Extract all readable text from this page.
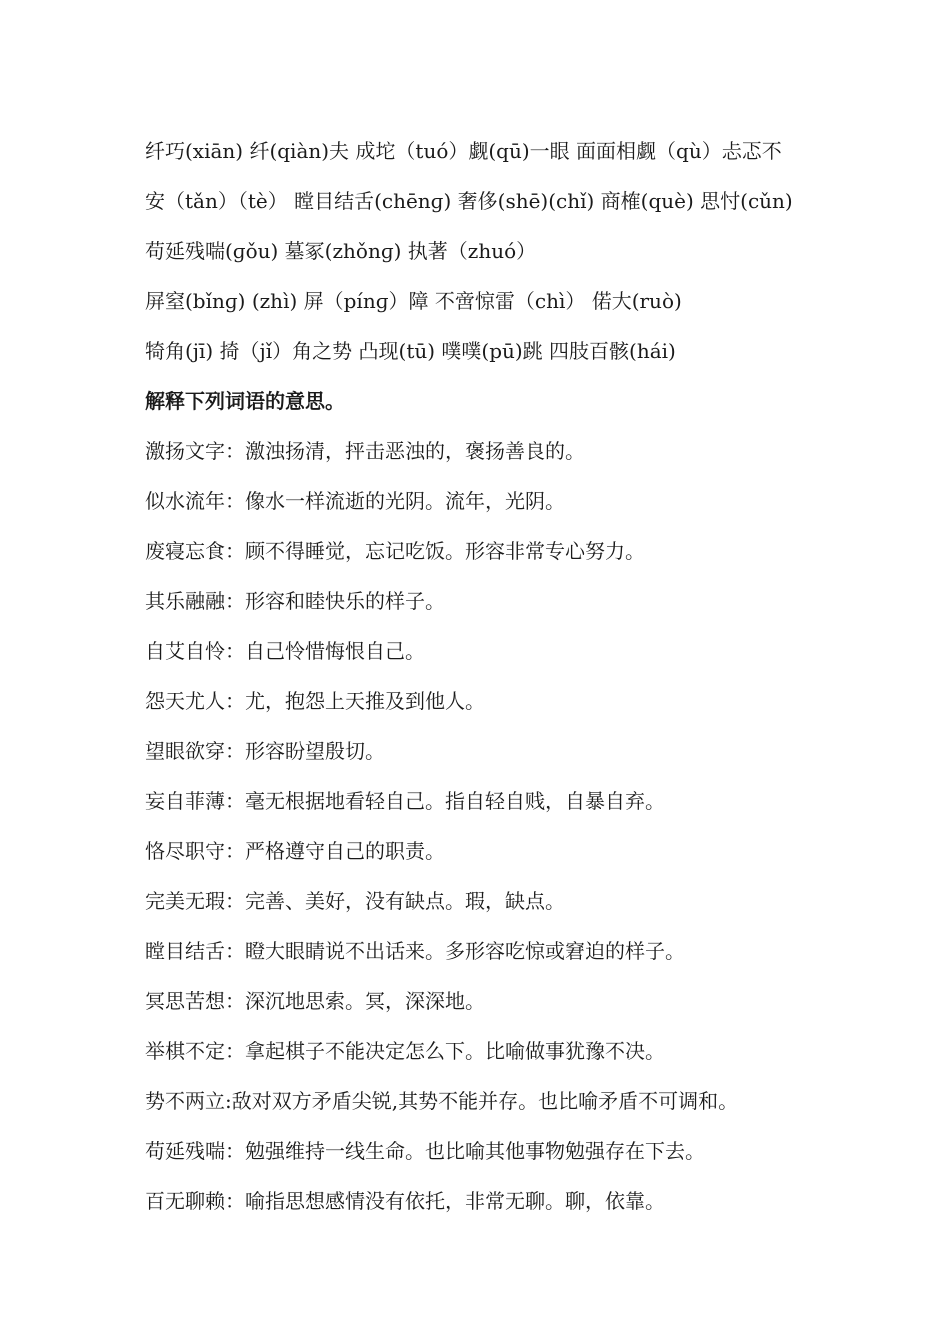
纤巧(xiān) 纤(qiàn)夫 成坨（tuó）觑(qū)一眼 面面相觑（qù）忐忑不
安（tǎn）（tè） 瞠目结舌(chēnɡ) 奢侈(shē)(chǐ) 商榷(què) 思忖(cǔn)
苟延残喘(ɡǒu) 墓冢(zhǒnɡ) 执著（zhuó）
屏窒(bǐnɡ) (zhì) 屏（pínɡ）障 不啻惊雷（chì） 偌大(ruò)
犄角(jī) 掎（jǐ）角之势 凸现(tū) 噗噗(pū)跳 四肢百骸(hái)
解释下列词语的意思。
激扬文字：激浊扬清，抨击恶浊的，褒扬善良的。
似水流年：像水一样流逝的光阴。流年，光阴。
废寝忘食：顾不得睡觉，忘记吃饭。形容非常专心努力。
其乐融融：形容和睦快乐的样子。
自艾自怜：自己怜惜悔恨自己。
怨天尤人：尤，抱怨上天推及到他人。
望眼欲穿：形容盼望殷切。
妄自菲薄：毫无根据地看轻自己。指自轻自贱，自暴自弃。
恪尽职守：严格遵守自己的职责。
完美无瑕：完善、美好，没有缺点。瑕，缺点。
瞠目结舌：瞪大眼睛说不出话来。多形容吃惊或窘迫的样子。
冥思苦想：深沉地思索。冥，深深地。
举棋不定：拿起棋子不能决定怎么下。比喻做事犹豫不决。
势不两立:敌对双方矛盾尖锐,其势不能并存。也比喻矛盾不可调和。
苟延残喘：勉强维持一线生命。也比喻其他事物勉强存在下去。
百无聊赖：喻指思想感情没有依托，非常无聊。聊，依靠。
